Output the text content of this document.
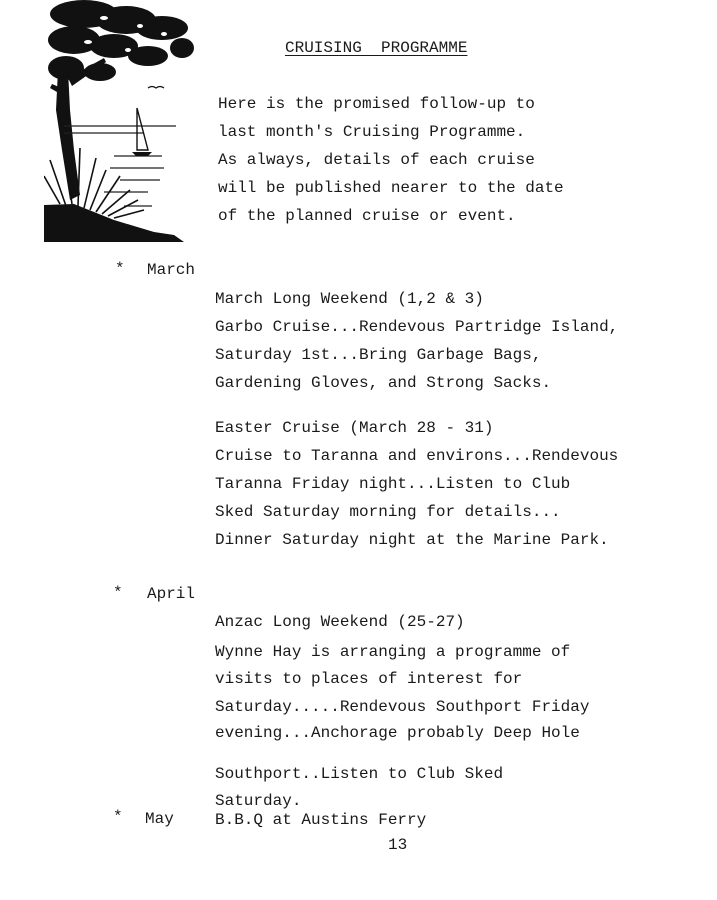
CRUISING  PROGRAMME
Here is the promised follow-up to
last month's Cruising Programme.
As always, details of each cruise
will be published nearer to the date
of the planned cruise or event.
* March
March Long Weekend (1,2 & 3)
Garbo Cruise...Rendevous Partridge Island,
Saturday 1st...Bring Garbage Bags,
Gardening Gloves, and Strong Sacks.
Easter Cruise (March 28 - 31)
Cruise to Taranna and environs...Rendevous
Taranna Friday night...Listen to Club
Sked Saturday morning for details...
Dinner Saturday night at the Marine Park.
* April
Anzac Long Weekend (25-27)
Wynne Hay is arranging a programme of
visits to places of interest for
Saturday.....Rendevous Southport Friday
evening...Anchorage probably Deep Hole
Southport..Listen to Club Sked
Saturday.
* May	B.B.Q at Austins Ferry
13
